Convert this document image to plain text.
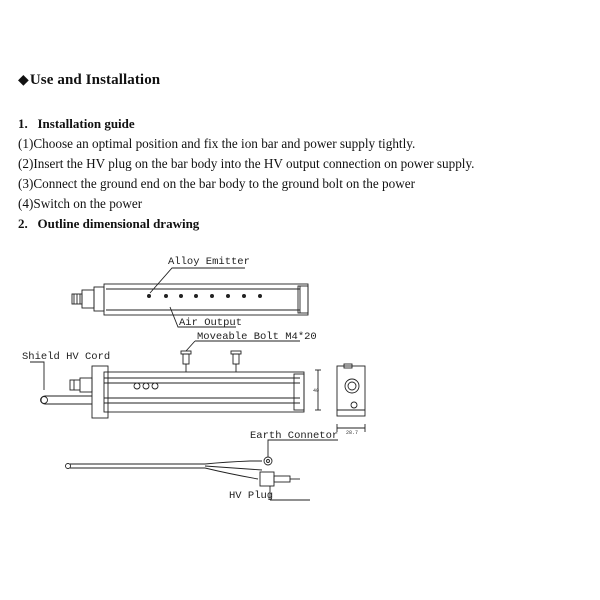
◆Use and Installation
1.   Installation guide
(1)Choose an optimal position and fix the ion bar and power supply tightly.
(2)Insert the HV plug on the bar body into the HV output connection on power supply.
(3)Connect the ground end on the bar body to the ground bolt on the power
(4)Switch on the power
2.   Outline dimensional drawing
Alloy Emitter
Air Output
Moveable Bolt M4*20
Shield HV Cord
Earth Connetor
HV Plug
40
28.7
